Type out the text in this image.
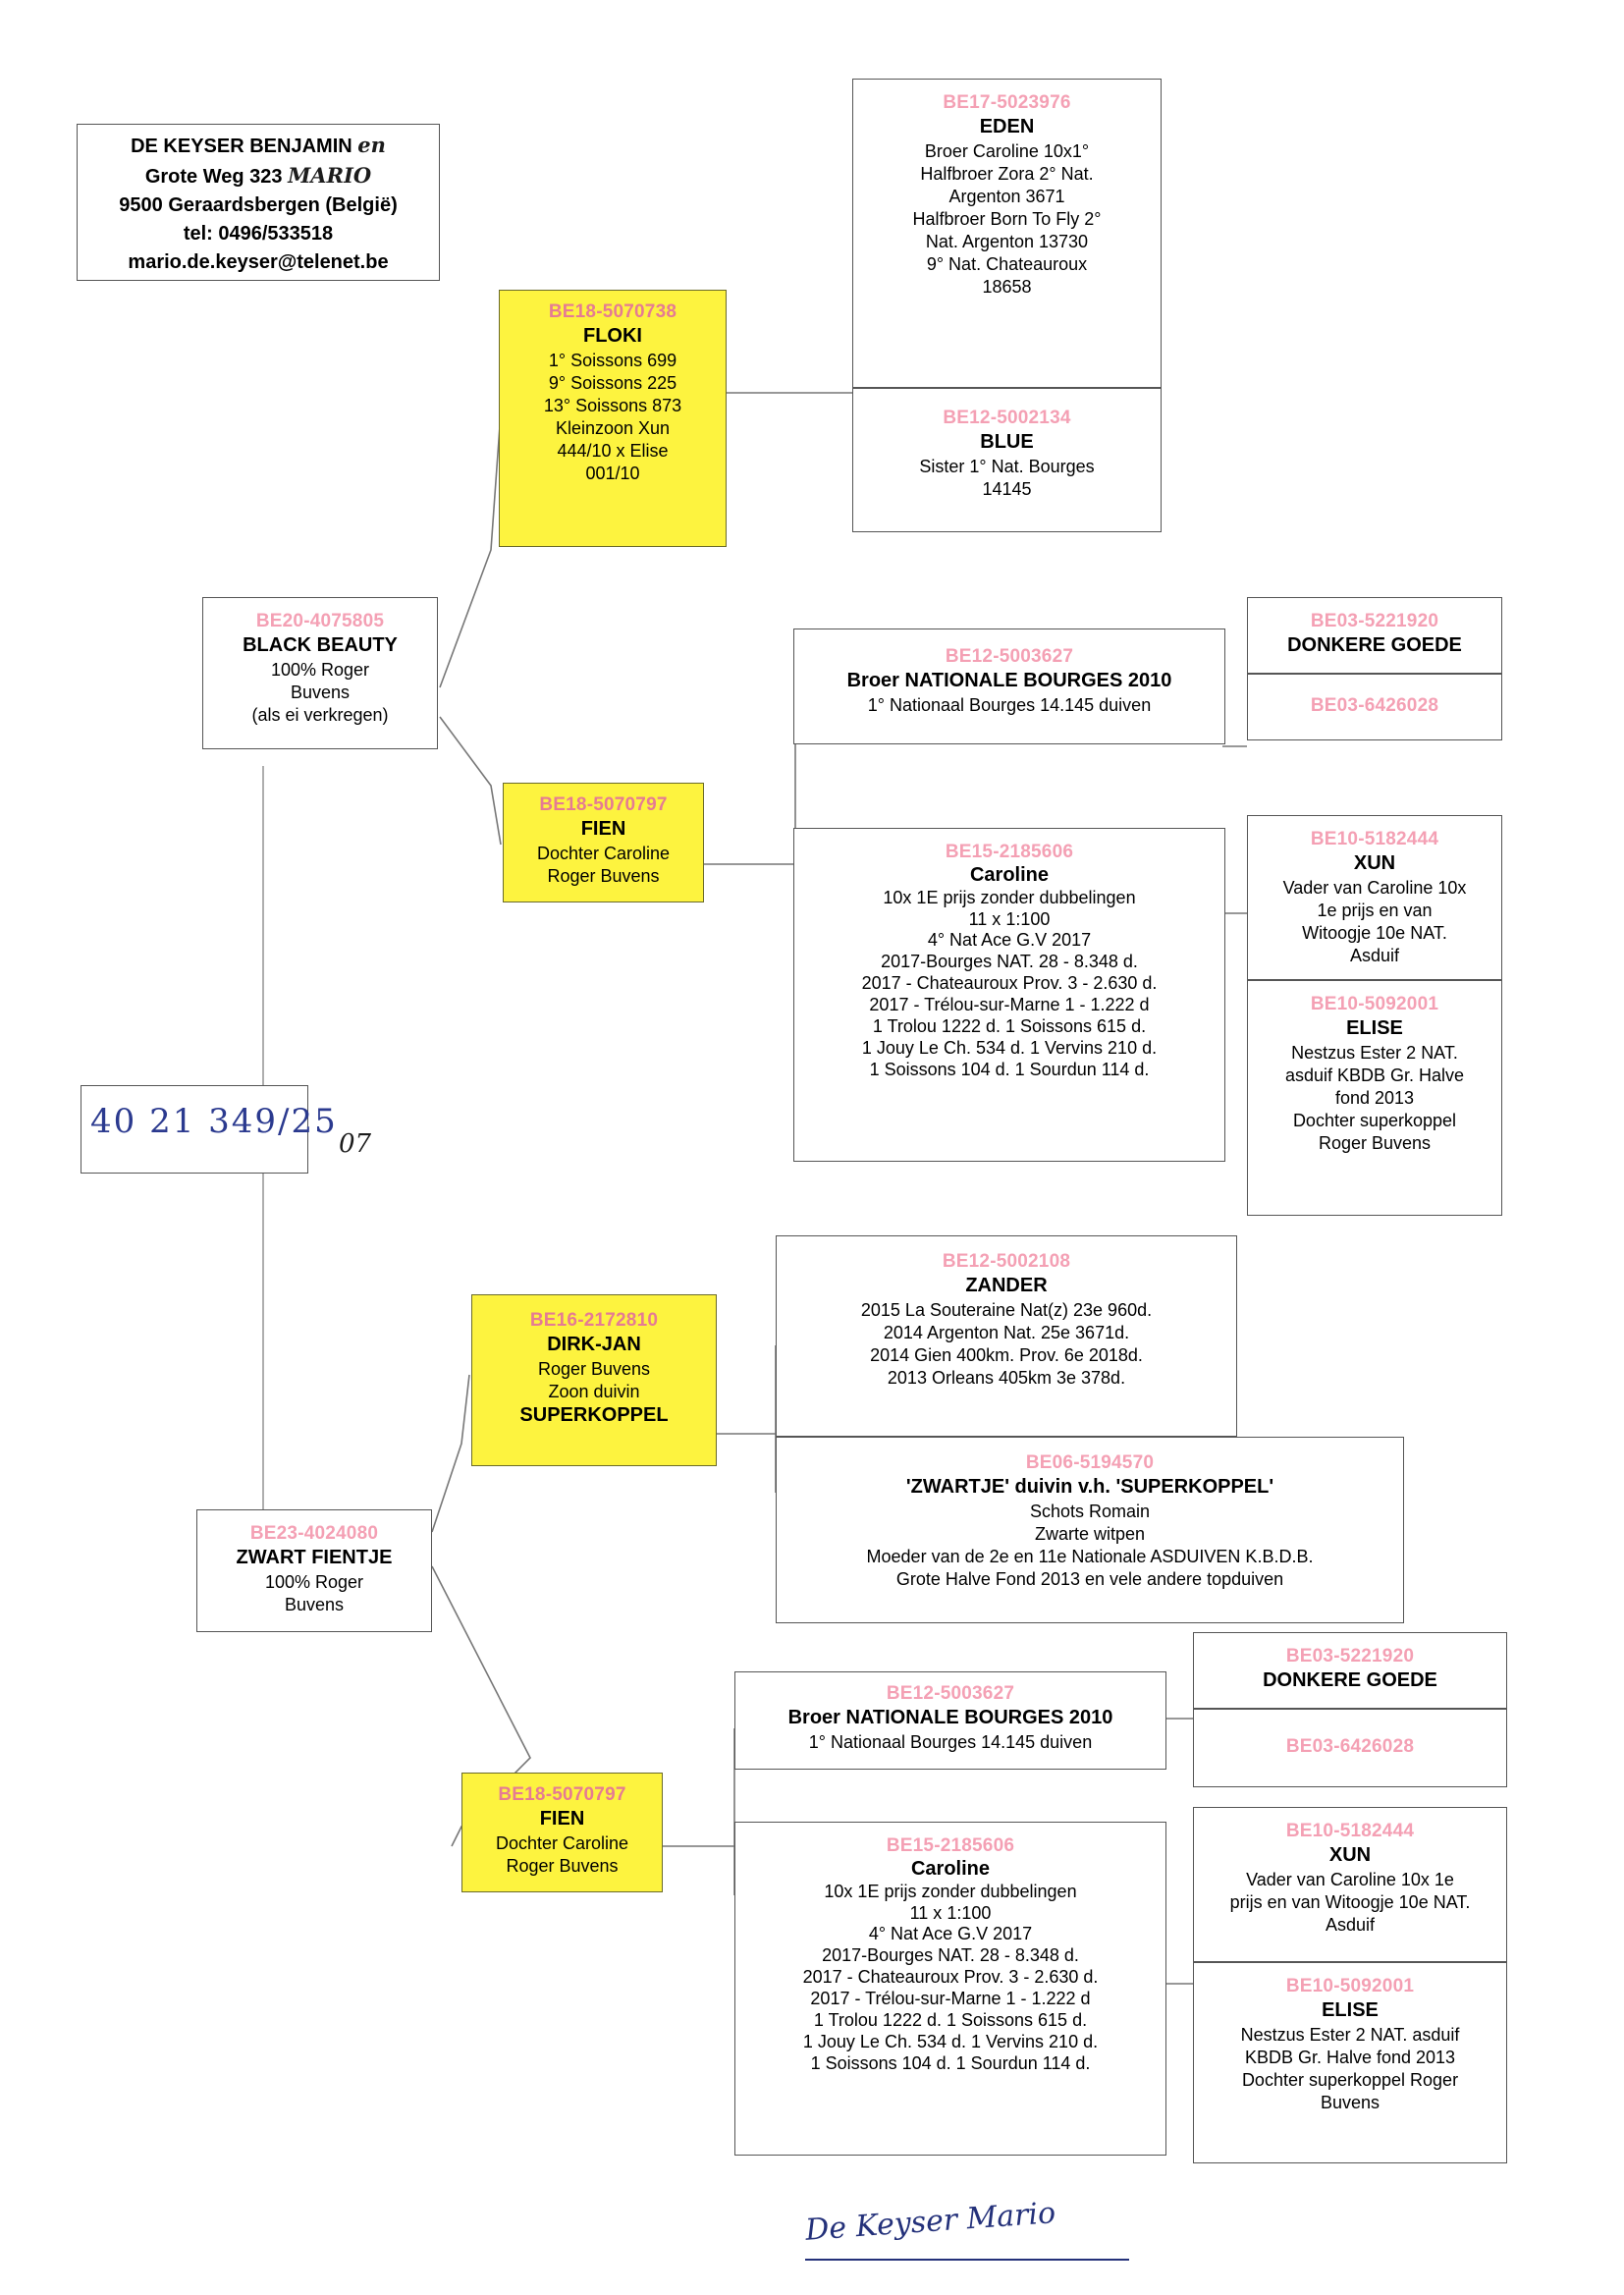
DE KEYSER BENJAMIN en
Grote Weg 323 MARIO
9500 Geraardsbergen (België)
tel: 0496/533518
mario.de.keyser@telenet.be
BE18-5070738
FLOKI
1° Soissons 699
9° Soissons 225
13° Soissons 873
Kleinzoon Xun
444/10 x Elise
001/10
BE17-5023976
EDEN
Broer Caroline 10x1°
Halfbroer Zora 2° Nat.
Argenton 3671
Halfbroer Born To Fly 2°
Nat. Argenton 13730
9° Nat. Chateauroux
18658
BE12-5002134
BLUE
Sister 1° Nat. Bourges
14145
BE20-4075805
BLACK BEAUTY
100% Roger
Buvens
(als ei verkregen)
BE18-5070797
FIEN
Dochter Caroline
Roger Buvens
BE12-5003627
Broer NATIONALE BOURGES 2010
1° Nationaal Bourges 14.145 duiven
BE15-2185606
Caroline
10x 1E prijs zonder dubbelingen
11 x 1:100
4° Nat Ace G.V 2017
2017-Bourges NAT. 28 - 8.348 d.
2017 - Chateauroux Prov. 3 - 2.630 d.
2017 - Trélou-sur-Marne 1 - 1.222 d
1 Trolou 1222 d. 1 Soissons 615 d.
1 Jouy Le Ch. 534 d. 1 Vervins 210 d.
1 Soissons 104 d. 1 Sourdun 114 d.
BE03-5221920
DONKERE GOEDE
BE03-6426028
BE10-5182444
XUN
Vader van Caroline 10x
1e prijs en van
Witoogje 10e NAT.
Asduif
BE10-5092001
ELISE
Nestzus Ester 2 NAT.
asduif KBDB Gr. Halve
fond 2013
Dochter superkoppel
Roger Buvens
40 21 349/25
07
BE16-2172810
DIRK-JAN
Roger Buvens
Zoon duivin
SUPERKOPPEL
BE12-5002108
ZANDER
2015 La Souteraine Nat(z) 23e 960d.
2014 Argenton Nat. 25e 3671d.
2014 Gien 400km. Prov. 6e 2018d.
2013 Orleans 405km 3e 378d.
BE06-5194570
'ZWARTJE' duivin v.h. 'SUPERKOPPEL'
Schots Romain
Zwarte witpen
Moeder van de 2e en 11e Nationale ASDUIVEN K.B.D.B.
Grote Halve Fond 2013 en vele andere topduiven
BE23-4024080
ZWART FIENTJE
100% Roger
Buvens
BE18-5070797
FIEN
Dochter Caroline
Roger Buvens
BE12-5003627
Broer NATIONALE BOURGES 2010
1° Nationaal Bourges 14.145 duiven
BE15-2185606
Caroline
10x 1E prijs zonder dubbelingen
11 x 1:100
4° Nat Ace G.V 2017
2017-Bourges NAT. 28 - 8.348 d.
2017 - Chateauroux Prov. 3 - 2.630 d.
2017 - Trélou-sur-Marne 1 - 1.222 d
1 Trolou 1222 d. 1 Soissons 615 d.
1 Jouy Le Ch. 534 d. 1 Vervins 210 d.
1 Soissons 104 d. 1 Sourdun 114 d.
BE03-5221920
DONKERE GOEDE
BE03-6426028
BE10-5182444
XUN
Vader van Caroline 10x 1e
prijs en van Witoogje 10e NAT.
Asduif
BE10-5092001
ELISE
Nestzus Ester 2 NAT. asduif
KBDB Gr. Halve fond 2013
Dochter superkoppel Roger
Buvens
De Keyser Mario
